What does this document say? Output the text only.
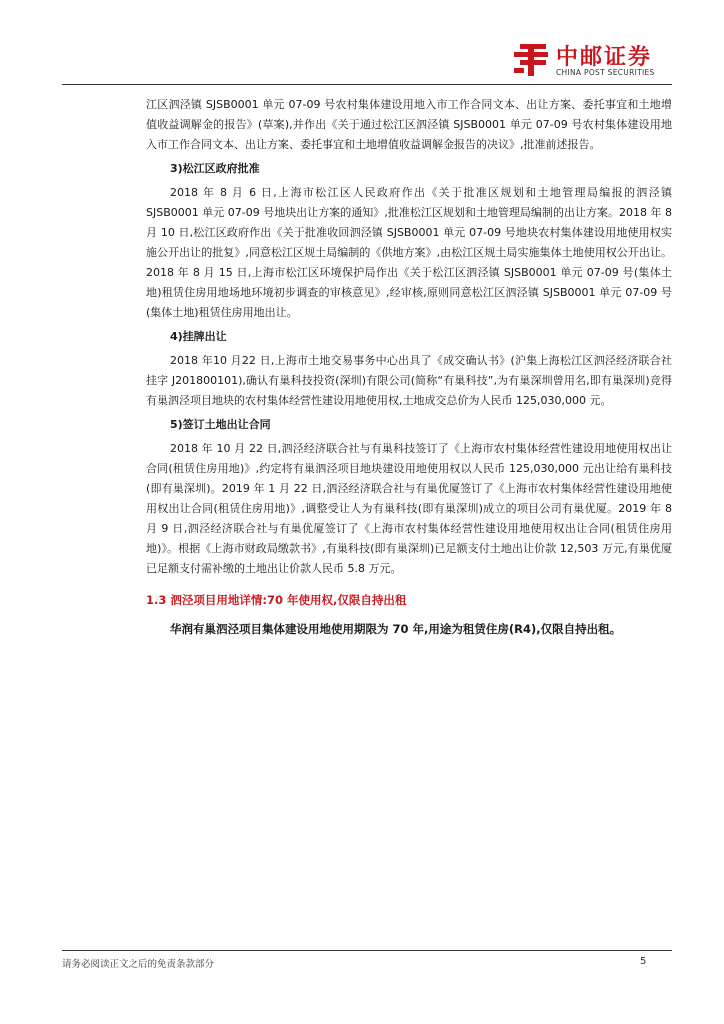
中邮证券
CHINA POST SECURITIES

江区泗泾镇 SJSB0001 单元 07-09 号农村集体建设用地入市工作合同文本、出让方案、委托事宜和土地增值收益调解金的报告》(草案),并作出《关于通过松江区泗泾镇 SJSB0001 单元 07-09 号农村集体建设用地入市工作合同文本、出让方案、委托事宜和土地增值收益调解金报告的决议》,批准前述报告。

3)松江区政府批准

2018 年 8 月 6 日,上海市松江区人民政府作出《关于批准区规划和土地管理局编报的泗泾镇 SJSB0001 单元 07-09 号地块出让方案的通知》,批准松江区规划和土地管理局编制的出让方案。2018 年 8 月 10 日,松江区政府作出《关于批准收回泗泾镇 SJSB0001 单元 07-09 号地块农村集体建设用地使用权实施公开出让的批复》,同意松江区规土局编制的《供地方案》,由松江区规土局实施集体土地使用权公开出让。2018 年 8 月 15 日,上海市松江区环境保护局作出《关于松江区泗泾镇 SJSB0001 单元 07-09 号(集体土地)租赁住房用地场地环境初步调查的审核意见》,经审核,原则同意松江区泗泾镇 SJSB0001 单元 07-09 号(集体土地)租赁住房用地出让。

4)挂牌出让

2018 年10 月22 日,上海市土地交易事务中心出具了《成交确认书》(沪集上海松江区泗泾经济联合社挂字 J201800101),确认有巢科技投资(深圳)有限公司(简称“有巢科技”,为有巢深圳曾用名,即有巢深圳)竞得有巢泗泾项目地块的农村集体经营性建设用地使用权,土地成交总价为人民币 125,030,000 元。

5)签订土地出让合同

2018 年 10 月 22 日,泗泾经济联合社与有巢科技签订了《上海市农村集体经营性建设用地使用权出让合同(租赁住房用地)》,约定将有巢泗泾项目地块建设用地使用权以人民币 125,030,000 元出让给有巢科技(即有巢深圳)。2019 年 1 月 22 日,泗泾经济联合社与有巢优厦签订了《上海市农村集体经营性建设用地使用权出让合同(租赁住房用地)》,调整受让人为有巢科技(即有巢深圳)成立的项目公司有巢优厦。2019 年 8 月 9 日,泗泾经济联合社与有巢优厦签订了《上海市农村集体经营性建设用地使用权出让合同(租赁住房用地)》。根据《上海市财政局缴款书》,有巢科技(即有巢深圳)已足额支付土地出让价款 12,503 万元,有巢优厦已足额支付需补缴的土地出让价款人民币 5.8 万元。

1.3 泗泾项目用地详情:70 年使用权,仅限自持出租

华润有巢泗泾项目集体建设用地使用期限为 70 年,用途为租赁住房(R4),仅限自持出租。

请务必阅读正文之后的免责条款部分	5
